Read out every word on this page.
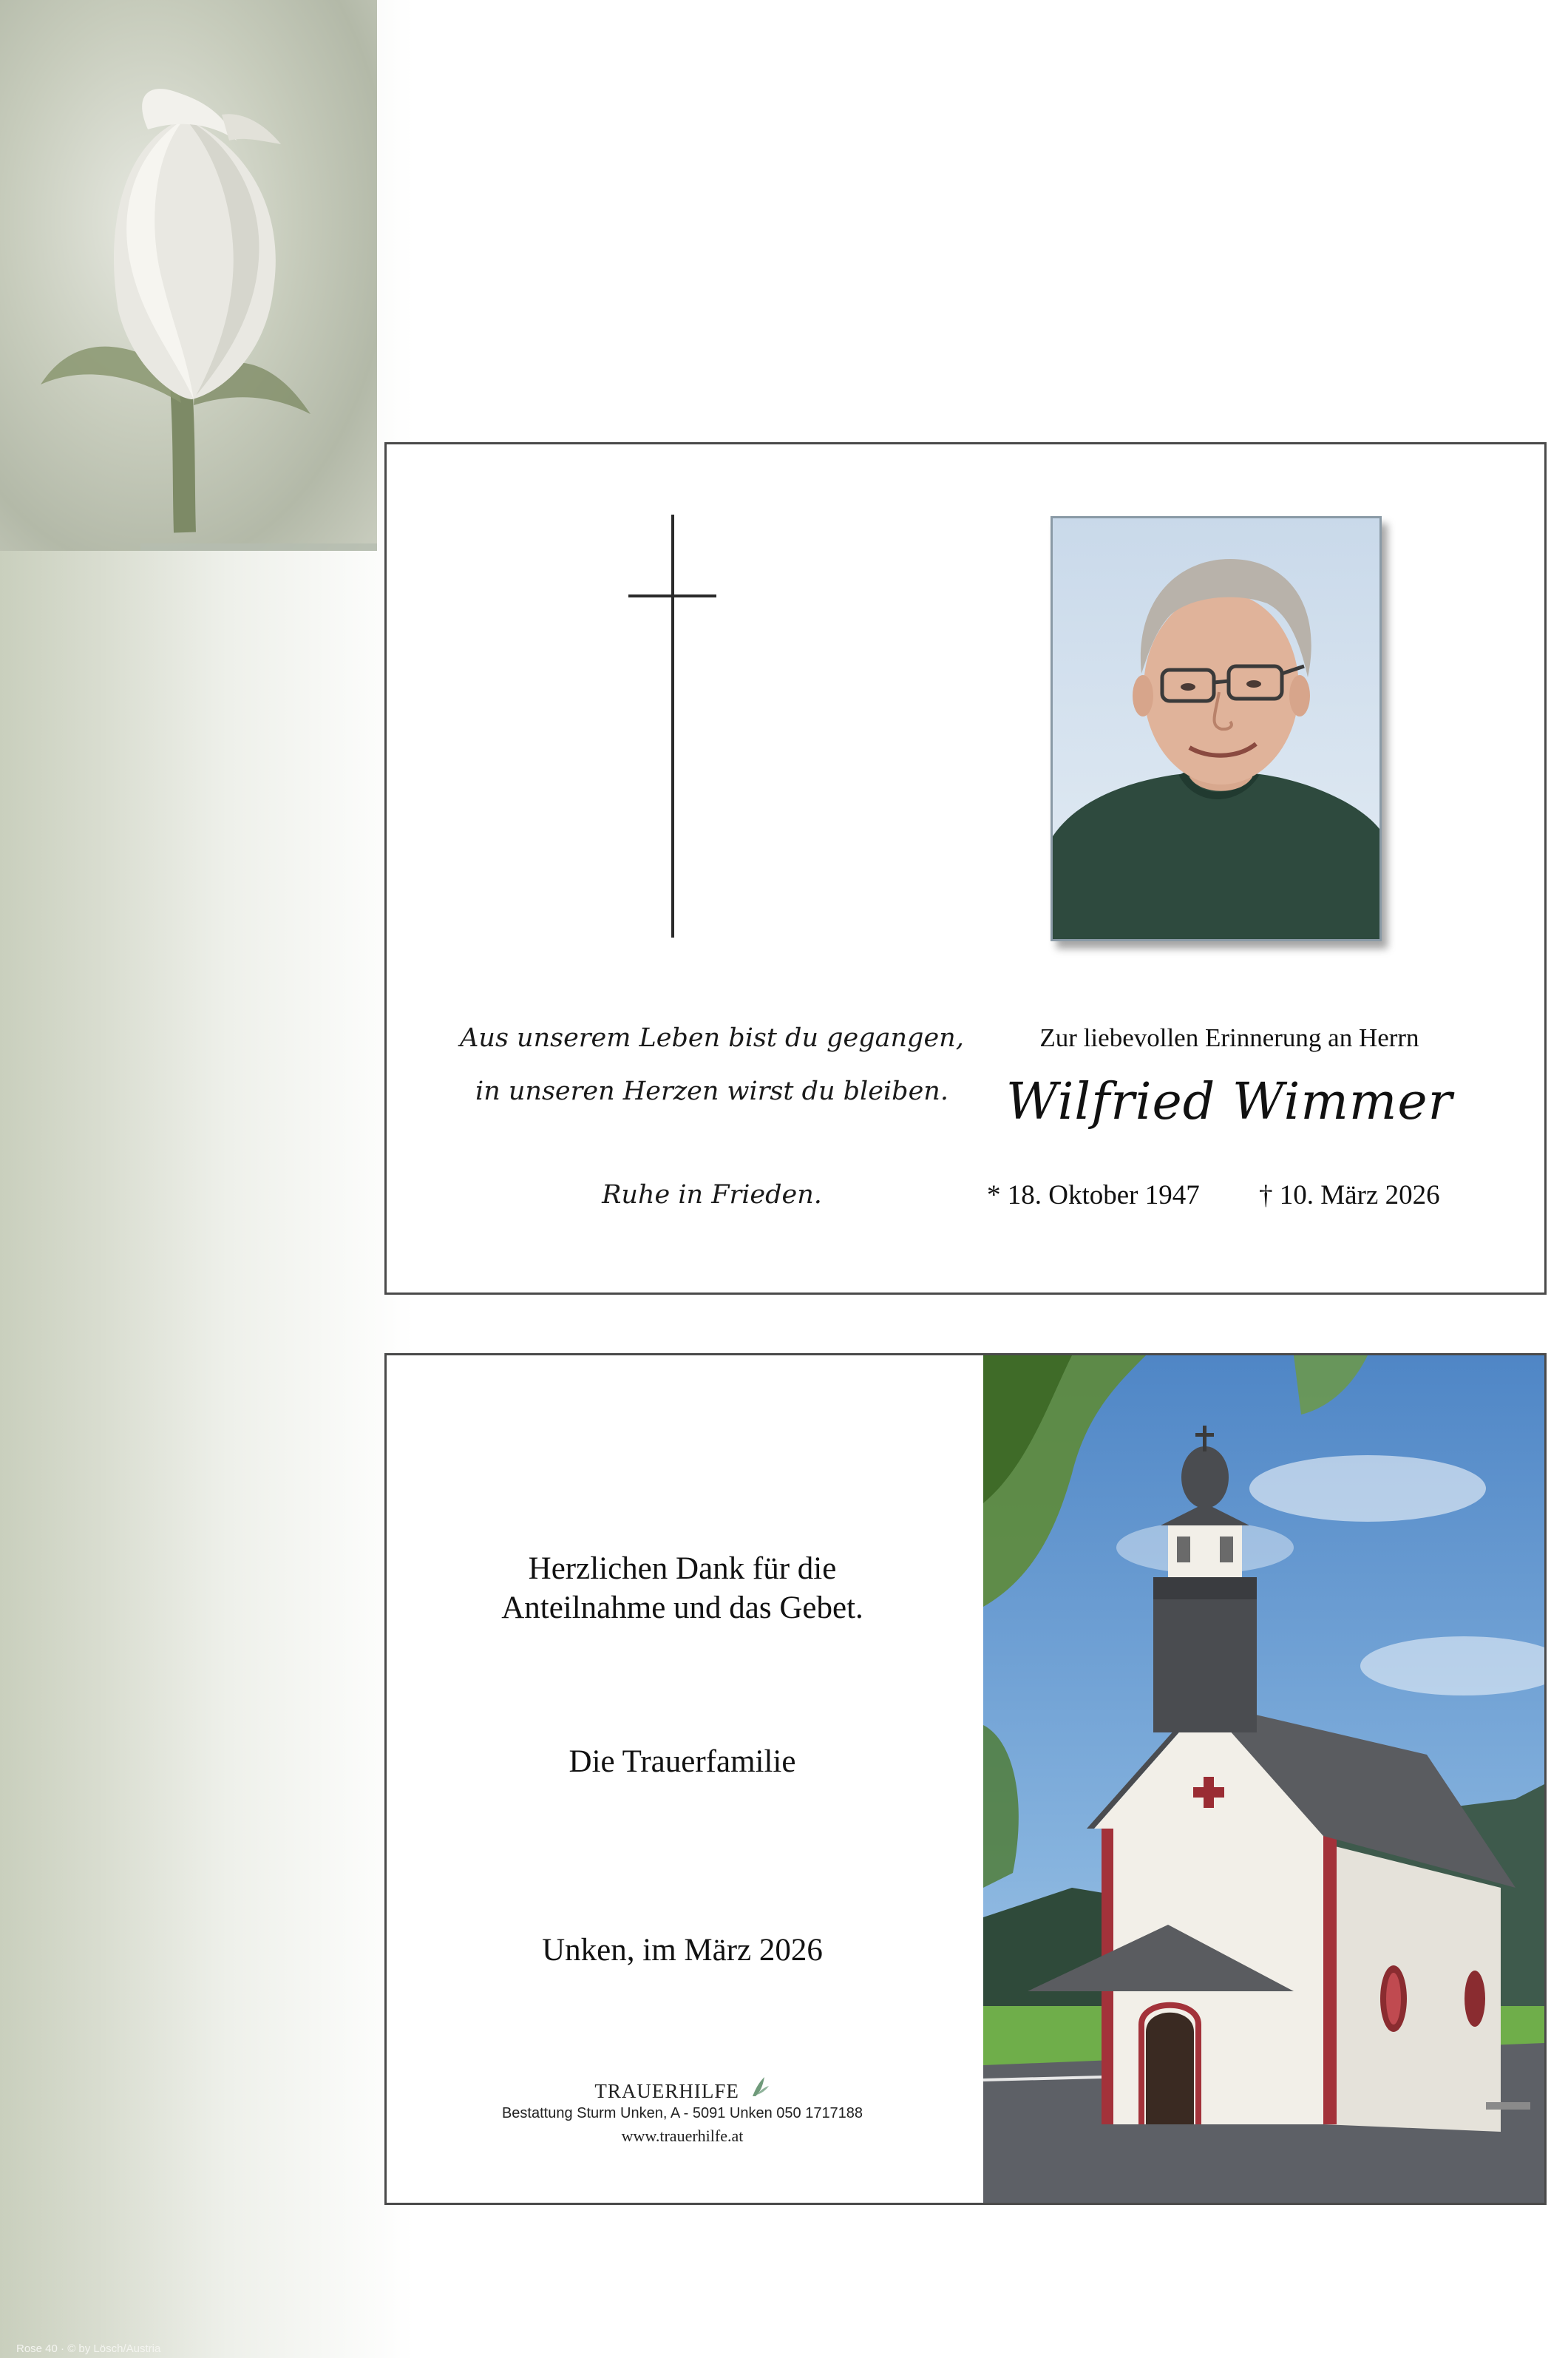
Rose 40 · © by Lösch/Austria
Aus unserem Leben bist du gegangen,
in unseren Herzen wirst du bleiben.
Ruhe in Frieden.
Zur liebevollen Erinnerung an Herrn
Wilfried Wimmer
* 18. Oktober 1947 † 10. März 2026
Herzlichen Dank für die
Anteilnahme und das Gebet.
Die Trauerfamilie
Unken, im März 2026
TRAUERHILFE
Bestattung Sturm Unken, A - 5091 Unken 050 1717188
www.trauerhilfe.at
